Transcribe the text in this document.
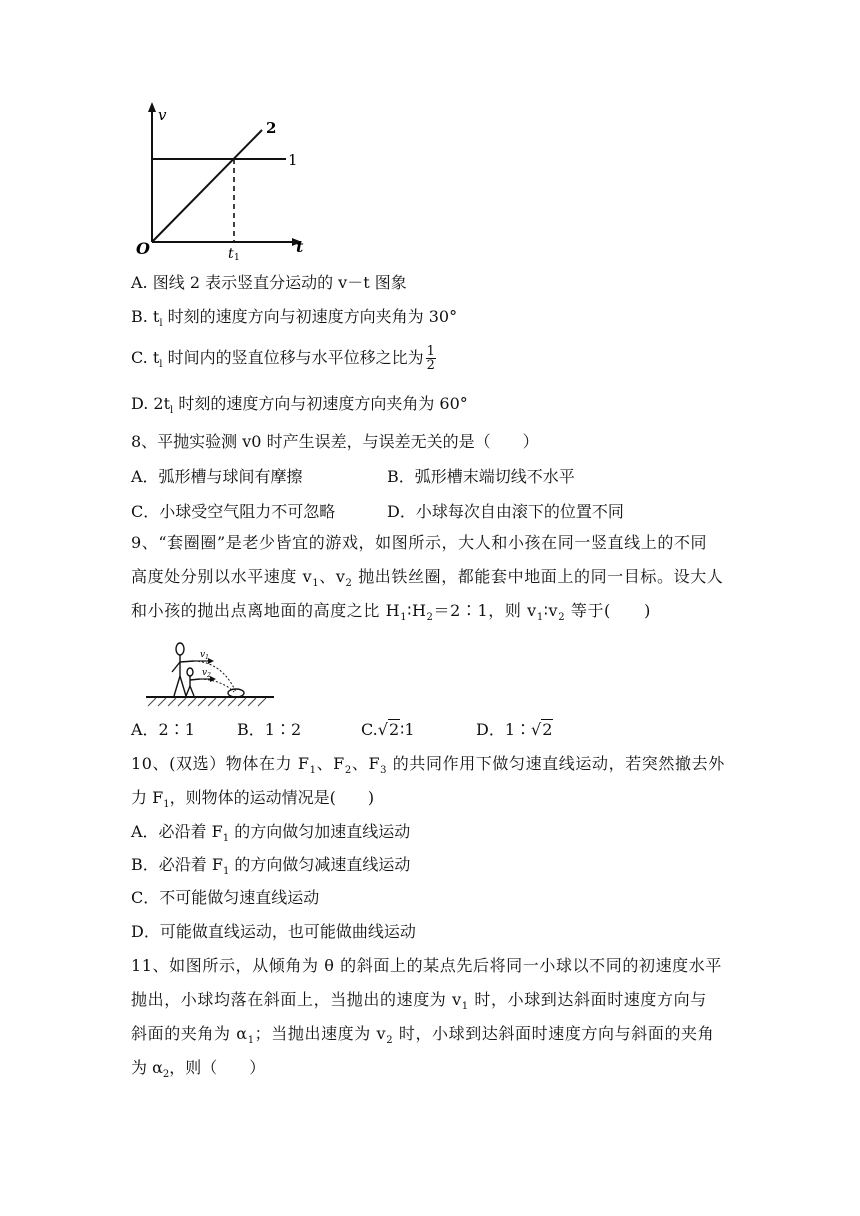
v
t
O	t 1
1
2
A. 图线 2 表示竖直分运动的 v－t 图象
B. $t_l$ 时刻的速度方向与初速度方向夹角为 30°
C. $t_l$ 时间内的竖直位移与水平位移之比为 $\frac{1}{2}$
D. $2t_l$ 时刻的速度方向与初速度方向夹角为 60°
8、平抛实验测 v0 时产生误差，与误差无关的是（　　）
A．弧形槽与球间有摩擦	B．弧形槽末端切线不水平
C．小球受空气阻力不可忽略	D．小球每次自由滚下的位置不同
9、“套圈圈”是老少皆宜的游戏，如图所示，大人和小孩在同一竖直线上的不同
高度处分别以水平速度 $v_1$、$v_2$ 抛出铁丝圈，都能套中地面上的同一目标。设大人
和小孩的抛出点离地面的高度之比 $H_1∶H_2=2∶1$，则 $v_1∶v_2$ 等于(　　)
$v_1$
$v_2$
A．2∶1	B．1∶2	C.√2∶1	D．1∶√2
10、(双选）物体在力 $F_1$、$F_2$、$F_3$ 的共同作用下做匀速直线运动，若突然撤去外
力 $F_1$，则物体的运动情况是(　　)
A．必沿着 $F_1$ 的方向做匀加速直线运动
B．必沿着 $F_1$ 的方向做匀减速直线运动
C．不可能做匀速直线运动
D．可能做直线运动，也可能做曲线运动
11、如图所示，从倾角为 θ 的斜面上的某点先后将同一小球以不同的初速度水平
抛出，小球均落在斜面上，当抛出的速度为 $v_1$ 时，小球到达斜面时速度方向与
斜面的夹角为 $\alpha_1$；当抛出速度为 $v_2$ 时，小球到达斜面时速度方向与斜面的夹角
为 $\alpha_2$，则（　　）
